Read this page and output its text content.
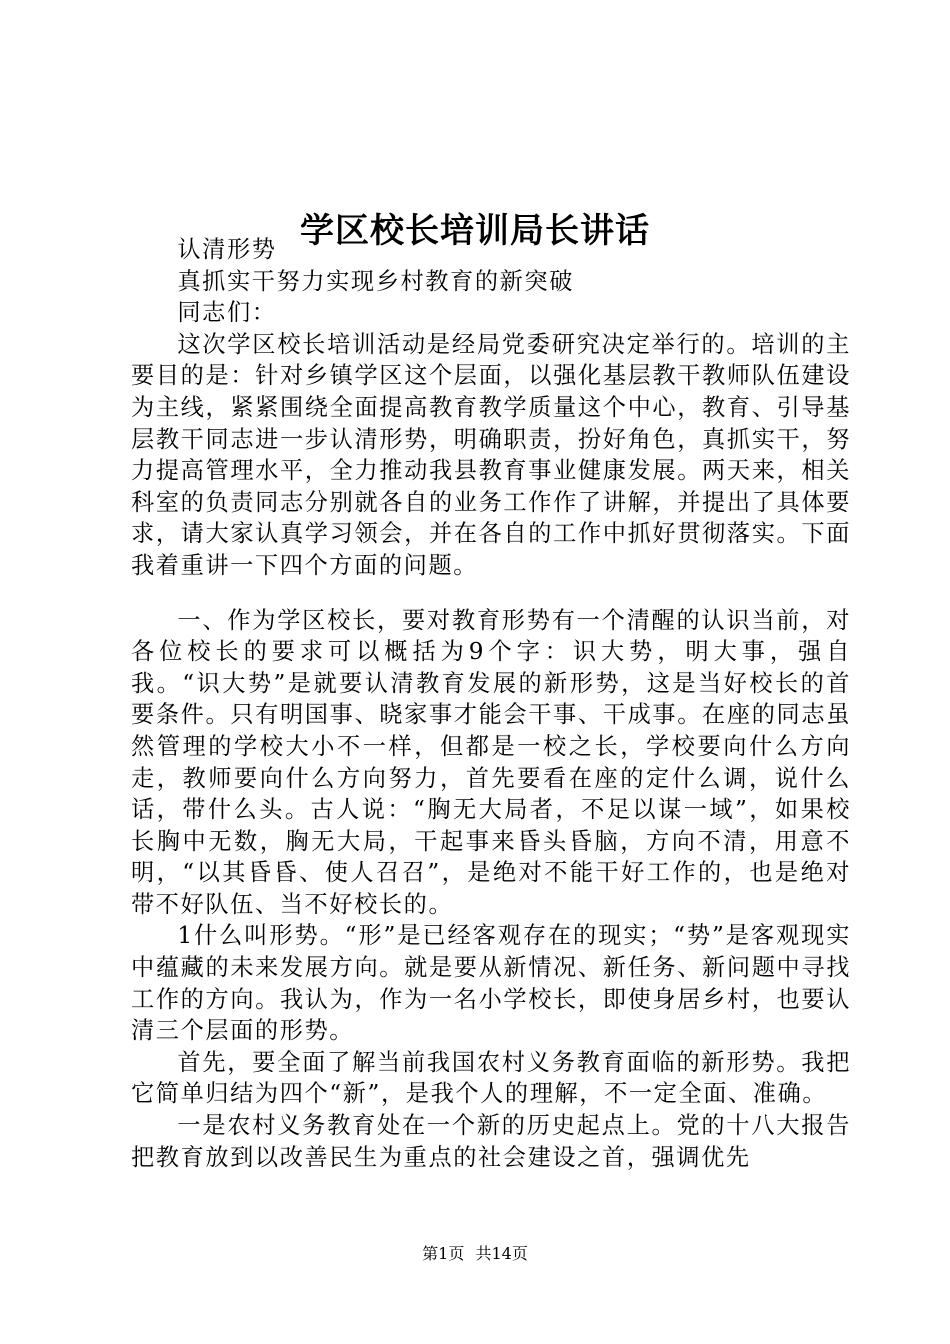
学区校长培训局长讲话

认清形势

真抓实干努力实现乡村教育的新突破

同志们：

这次学区校长培训活动是经局党委研究决定举行的。培训的主要目的是：针对乡镇学区这个层面，以强化基层教干教师队伍建设为主线，紧紧围绕全面提高教育教学质量这个中心，教育、引导基层教干同志进一步认清形势，明确职责，扮好角色，真抓实干，努力提高管理水平，全力推动我县教育事业健康发展。两天来，相关科室的负责同志分别就各自的业务工作作了讲解，并提出了具体要求，请大家认真学习领会，并在各自的工作中抓好贯彻落实。下面我着重讲一下四个方面的问题。

一、作为学区校长，要对教育形势有一个清醒的认识当前，对各位校长的要求可以概括为9个字：识大势，明大事，强自我。“识大势”是就要认清教育发展的新形势，这是当好校长的首要条件。只有明国事、晓家事才能会干事、干成事。在座的同志虽然管理的学校大小不一样，但都是一校之长，学校要向什么方向走，教师要向什么方向努力，首先要看在座的定什么调，说什么话，带什么头。古人说：“胸无大局者，不足以谋一域”，如果校长胸中无数，胸无大局，干起事来昏头昏脑，方向不清，用意不明，“以其昏昏、使人召召”，是绝对不能干好工作的，也是绝对带不好队伍、当不好校长的。

1什么叫形势。“形”是已经客观存在的现实；“势”是客观现实中蕴藏的未来发展方向。就是要从新情况、新任务、新问题中寻找工作的方向。我认为，作为一名小学校长，即使身居乡村，也要认清三个层面的形势。

首先，要全面了解当前我国农村义务教育面临的新形势。我把它简单归结为四个“新”，是我个人的理解，不一定全面、准确。

一是农村义务教育处在一个新的历史起点上。党的十八大报告把教育放到以改善民生为重点的社会建设之首，强调优先

第1页 共14页
